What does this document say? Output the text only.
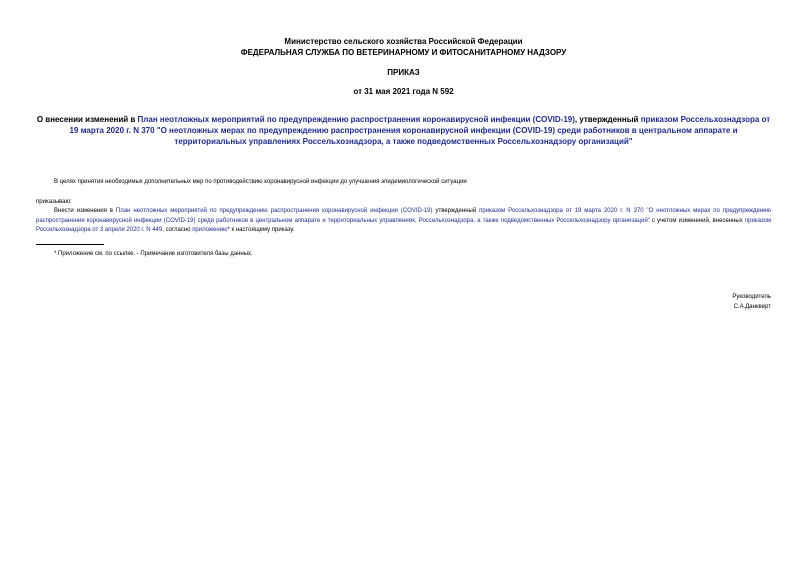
Министерство сельского хозяйства Российской Федерации
ФЕДЕРАЛЬНАЯ СЛУЖБА ПО ВЕТЕРИНАРНОМУ И ФИТОСАНИТАРНОМУ НАДЗОРУ
ПРИКАЗ
от 31 мая 2021 года N 592
О внесении изменений в План неотложных мероприятий по предупреждению распространения коронавирусной инфекции (COVID-19), утвержденный приказом Россельхознадзора от 19 марта 2020 г. N 370 "О неотложных мерах по предупреждению распространения коронавирусной инфекции (COVID-19) среди работников в центральном аппарате и территориальных управлениях Россельхознадзора, а также подведомственных Россельхознадзору организаций"
В целях принятия необходимых дополнительных мер по противодействию коронавирусной инфекции до улучшения эпидемиологической ситуации
приказываю:
Внести изменения в План неотложных мероприятий по предупреждению распространения коронавирусной инфекции (COVID-19) утвержденный приказом Россельхознадзора от 19 марта 2020 г. N 370 "О неотложных мерах по предупреждению распространения коронавирусной инфекции (COVID-19) среди работников в центральном аппарате и территориальных управлениях, Россельхознадзора, а также подведомственных Россельхознадзору организаций" с учетом изменений, внесенных приказом Россельхознадзора от 3 апреля 2020 г. N 449, согласно приложению* к настоящему приказу.
* Приложение см. по ссылке. - Примечание изготовителя базы данных.
Руководитель
С.А.Данкверт
